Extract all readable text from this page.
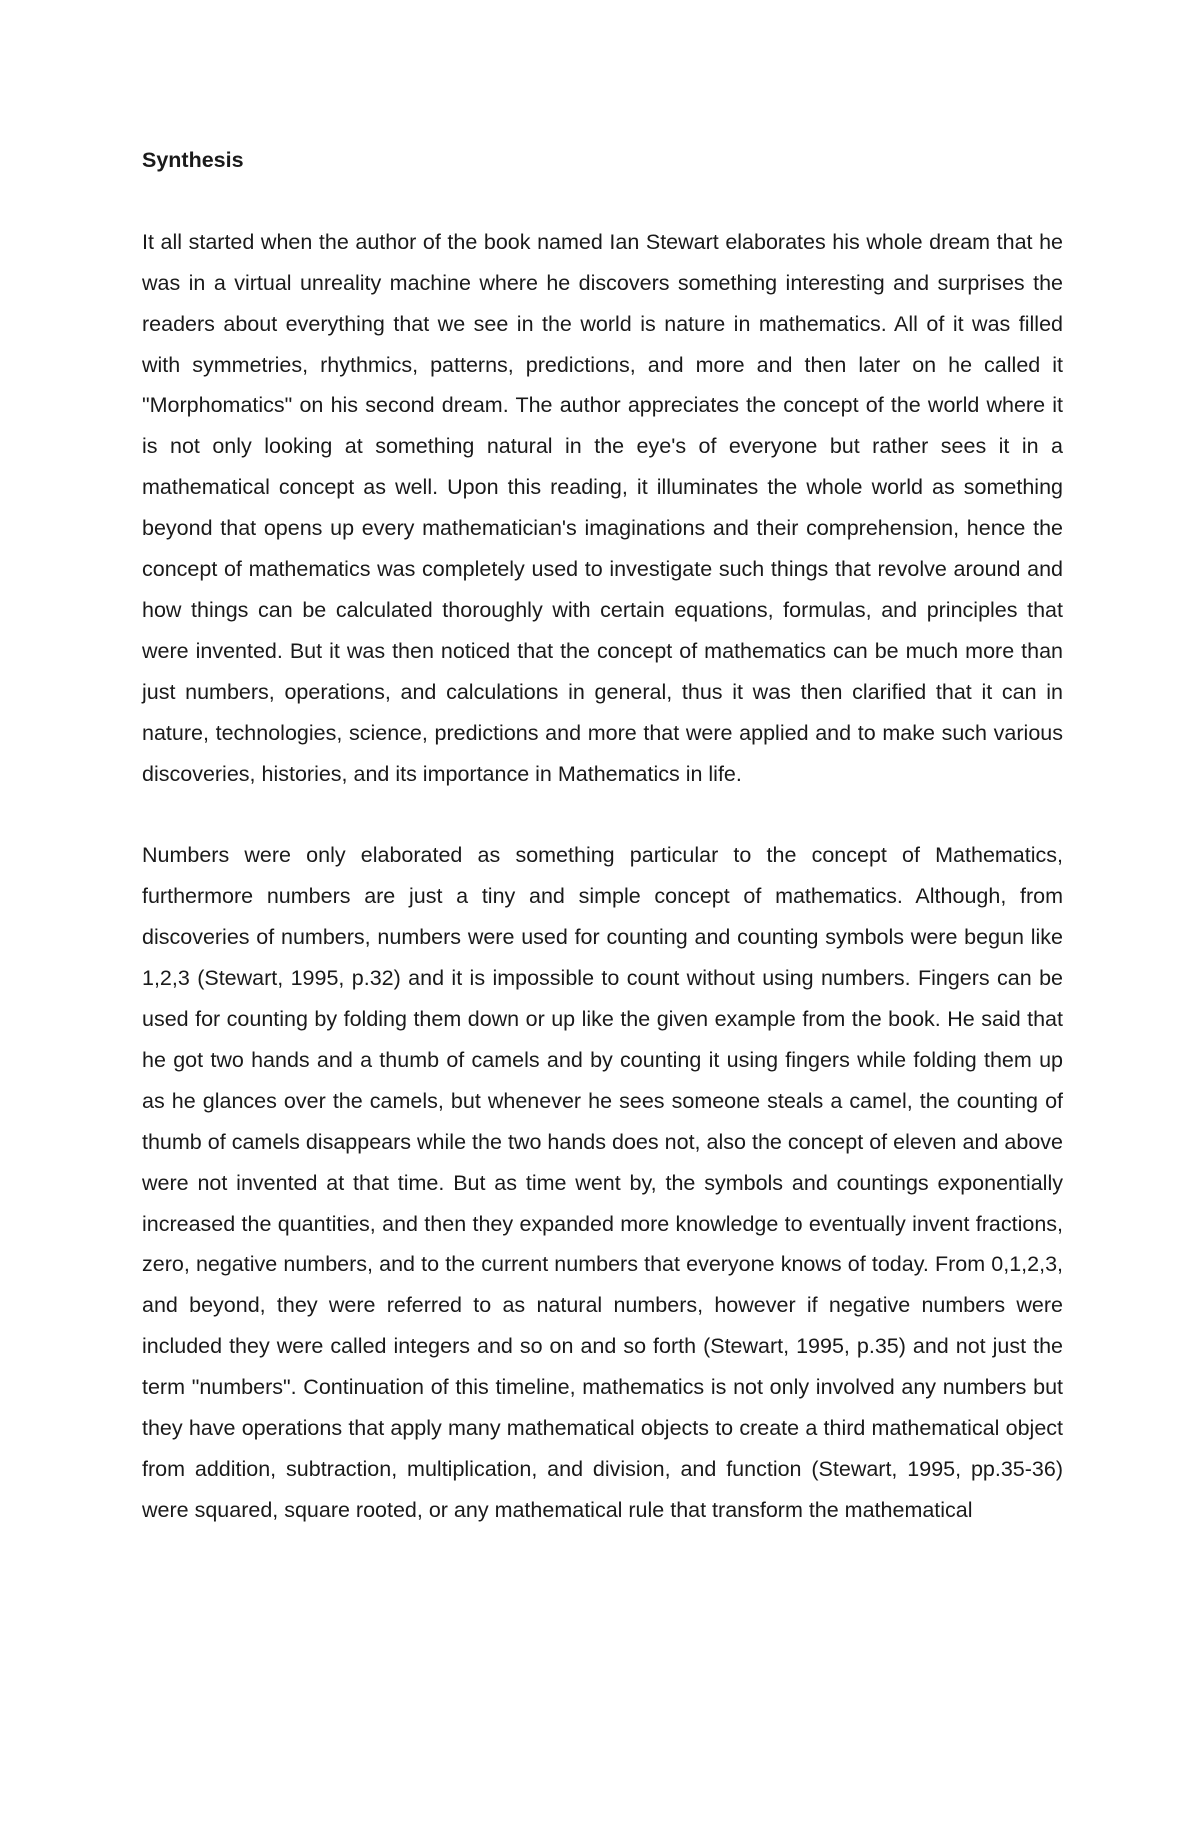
Synthesis

It all started when the author of the book named Ian Stewart elaborates his whole dream that he was in a virtual unreality machine where he discovers something interesting and surprises the readers about everything that we see in the world is nature in mathematics. All of it was filled with symmetries, rhythmics, patterns, predictions, and more and then later on he called it "Morphomatics" on his second dream. The author appreciates the concept of the world where it is not only looking at something natural in the eye's of everyone but rather sees it in a mathematical concept as well. Upon this reading, it illuminates the whole world as something beyond that opens up every mathematician's imaginations and their comprehension, hence the concept of mathematics was completely used to investigate such things that revolve around and how things can be calculated thoroughly with certain equations, formulas, and principles that were invented. But it was then noticed that the concept of mathematics can be much more than just numbers, operations, and calculations in general, thus it was then clarified that it can in nature, technologies, science, predictions and more that were applied and to make such various discoveries, histories, and its importance in Mathematics in life.

Numbers were only elaborated as something particular to the concept of Mathematics, furthermore numbers are just a tiny and simple concept of mathematics. Although, from discoveries of numbers, numbers were used for counting and counting symbols were begun like 1,2,3 (Stewart, 1995, p.32) and it is impossible to count without using numbers. Fingers can be used for counting by folding them down or up like the given example from the book. He said that he got two hands and a thumb of camels and by counting it using fingers while folding them up as he glances over the camels, but whenever he sees someone steals a camel, the counting of thumb of camels disappears while the two hands does not, also the concept of eleven and above were not invented at that time. But as time went by, the symbols and countings exponentially increased the quantities, and then they expanded more knowledge to eventually invent fractions, zero, negative numbers, and to the current numbers that everyone knows of today. From 0,1,2,3, and beyond, they were referred to as natural numbers, however if negative numbers were included they were called integers and so on and so forth (Stewart, 1995, p.35) and not just the term "numbers". Continuation of this timeline, mathematics is not only involved any numbers but they have operations that apply many mathematical objects to create a third mathematical object from addition, subtraction, multiplication, and division, and function (Stewart, 1995, pp.35-36) were squared, square rooted, or any mathematical rule that transform the mathematical
